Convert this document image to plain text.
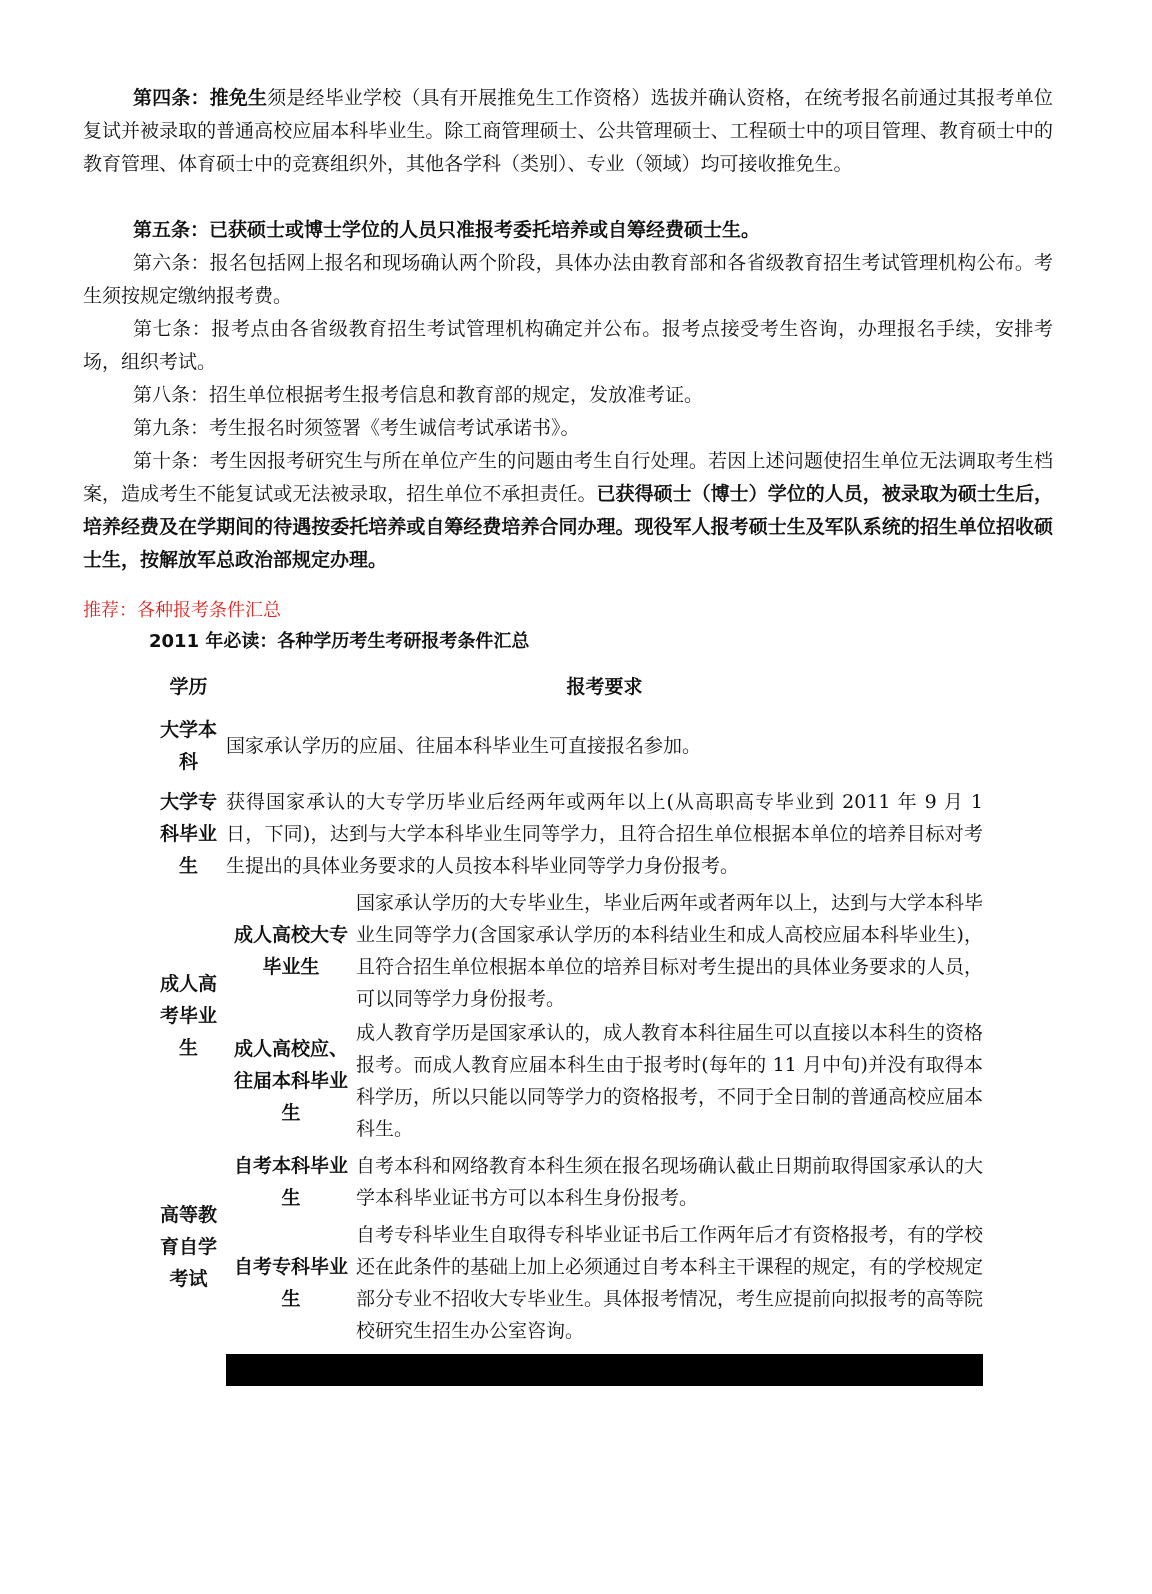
第四条：推免生须是经毕业学校（具有开展推免生工作资格）选拔并确认资格，在统考报名前通过其报考单位复试并被录取的普通高校应届本科毕业生。除工商管理硕士、公共管理硕士、工程硕士中的项目管理、教育硕士中的教育管理、体育硕士中的竞赛组织外，其他各学科（类别）、专业（领域）均可接收推免生。

第五条：已获硕士或博士学位的人员只准报考委托培养或自筹经费硕士生。

第六条：报名包括网上报名和现场确认两个阶段，具体办法由教育部和各省级教育招生考试管理机构公布。考生须按规定缴纳报考费。

第七条：报考点由各省级教育招生考试管理机构确定并公布。报考点接受考生咨询，办理报名手续，安排考场，组织考试。

第八条：招生单位根据考生报考信息和教育部的规定，发放准考证。

第九条：考生报名时须签署《考生诚信考试承诺书》。

第十条：考生因报考研究生与所在单位产生的问题由考生自行处理。若因上述问题使招生单位无法调取考生档案，造成考生不能复试或无法被录取，招生单位不承担责任。已获得硕士（博士）学位的人员，被录取为硕士生后，培养经费及在学期间的待遇按委托培养或自筹经费培养合同办理。现役军人报考硕士生及军队系统的招生单位招收硕士生，按解放军总政治部规定办理。

推荐：各种报考条件汇总
2011 年必读：各种学历考生考研报考条件汇总
学历	报考要求	
大学本科	国家承认学历的应届、往届本科毕业生可直接报名参加。	
大学专科毕业生	获得国家承认的大专学历毕业后经两年或两年以上(从高职高专毕业到 2011 年 9 月 1 日，下同)，达到与大学本科毕业生同等学力，且符合招生单位根据本单位的培养目标对考生提出的具体业务要求的人员按本科毕业同等学力身份报考。	
成人高考毕业生	成人高校大专毕业生	国家承认学历的大专毕业生，毕业后两年或者两年以上，达到与大学本科毕业生同等学力(含国家承认学历的本科结业生和成人高校应届本科毕业生)，且符合招生单位根据本单位的培养目标对考生提出的具体业务要求的人员，可以同等学力身份报考。
	成人高校应、往届本科毕业生	成人教育学历是国家承认的，成人教育本科往届生可以直接以本科生的资格报考。而成人教育应届本科生由于报考时(每年的 11 月中旬)并没有取得本科学历，所以只能以同等学力的资格报考，不同于全日制的普通高校应届本科生。
高等教育自学考试	自考本科毕业生	自考本科和网络教育本科生须在报名现场确认截止日期前取得国家承认的大学本科毕业证书方可以本科生身份报考。
	自考专科毕业生	自考专科毕业生自取得专科毕业证书后工作两年后才有资格报考，有的学校还在此条件的基础上加上必须通过自考本科主干课程的规定，有的学校规定部分专业不招收大专毕业生。具体报考情况，考生应提前向拟报考的高等院校研究生招生办公室咨询。
